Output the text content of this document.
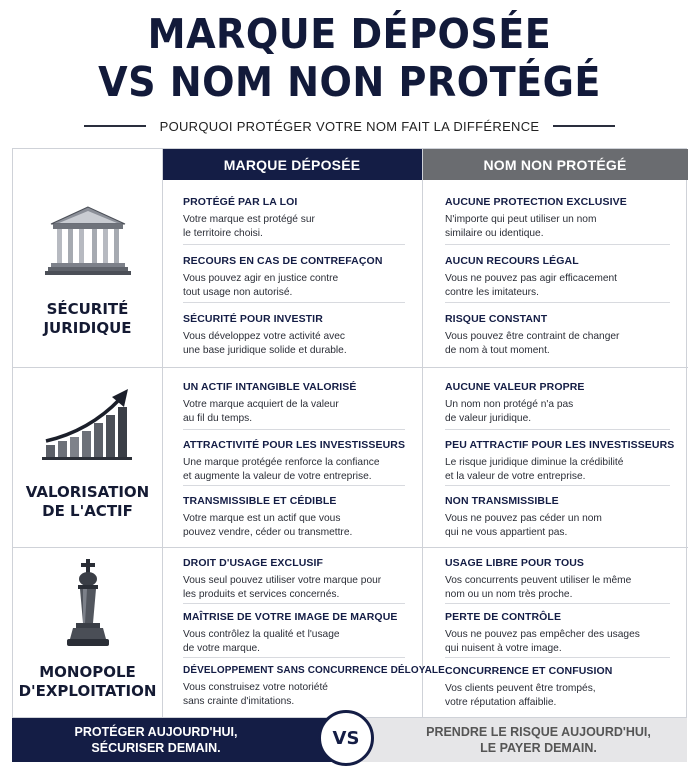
MARQUE DÉPOSÉE
VS NOM NON PROTÉGÉ
POURQUOI PROTÉGER VOTRE NOM FAIT LA DIFFÉRENCE
MARQUE DÉPOSÉE	NOM NON PROTÉGÉ
SÉCURITÉ
JURIDIQUE
PROTÉGÉ PAR LA LOI
Votre marque est protégé sur
le territoire choisi.
RECOURS EN CAS DE CONTREFAÇON
Vous pouvez agir en justice contre
tout usage non autorisé.
SÉCURITÉ POUR INVESTIR
Vous développez votre activité avec
une base juridique solide et durable.
AUCUNE PROTECTION EXCLUSIVE
N'importe qui peut utiliser un nom
similaire ou identique.
AUCUN RECOURS LÉGAL
Vous ne pouvez pas agir efficacement
contre les imitateurs.
RISQUE CONSTANT
Vous pouvez être contraint de changer
de nom à tout moment.
VALORISATION
DE L'ACTIF
UN ACTIF INTANGIBLE VALORISÉ
Votre marque acquiert de la valeur
au fil du temps.
ATTRACTIVITÉ POUR LES INVESTISSEURS
Une marque protégée renforce la confiance
et augmente la valeur de votre entreprise.
TRANSMISSIBLE ET CÉDIBLE
Votre marque est un actif que vous
pouvez vendre, céder ou transmettre.
AUCUNE VALEUR PROPRE
Un nom non protégé n'a pas
de valeur juridique.
PEU ATTRACTIF POUR LES INVESTISSEURS
Le risque juridique diminue la crédibilité
et la valeur de votre entreprise.
NON TRANSMISSIBLE
Vous ne pouvez pas céder un nom
qui ne vous appartient pas.
MONOPOLE
D'EXPLOITATION
DROIT D'USAGE EXCLUSIF
Vous seul pouvez utiliser votre marque pour
les produits et services concernés.
MAÎTRISE DE VOTRE IMAGE DE MARQUE
Vous contrôlez la qualité et l'usage
de votre marque.
DÉVELOPPEMENT SANS CONCURRENCE DÉLOYALE
Vous construisez votre notoriété
sans crainte d'imitations.
USAGE LIBRE POUR TOUS
Vos concurrents peuvent utiliser le même
nom ou un nom très proche.
PERTE DE CONTRÔLE
Vous ne pouvez pas empêcher des usages
qui nuisent à votre image.
CONCURRENCE ET CONFUSION
Vos clients peuvent être trompés,
votre réputation affaiblie.
PROTÉGER AUJOURD'HUI,
SÉCURISER DEMAIN.
PRENDRE LE RISQUE AUJOURD'HUI,
LE PAYER DEMAIN.
VS
